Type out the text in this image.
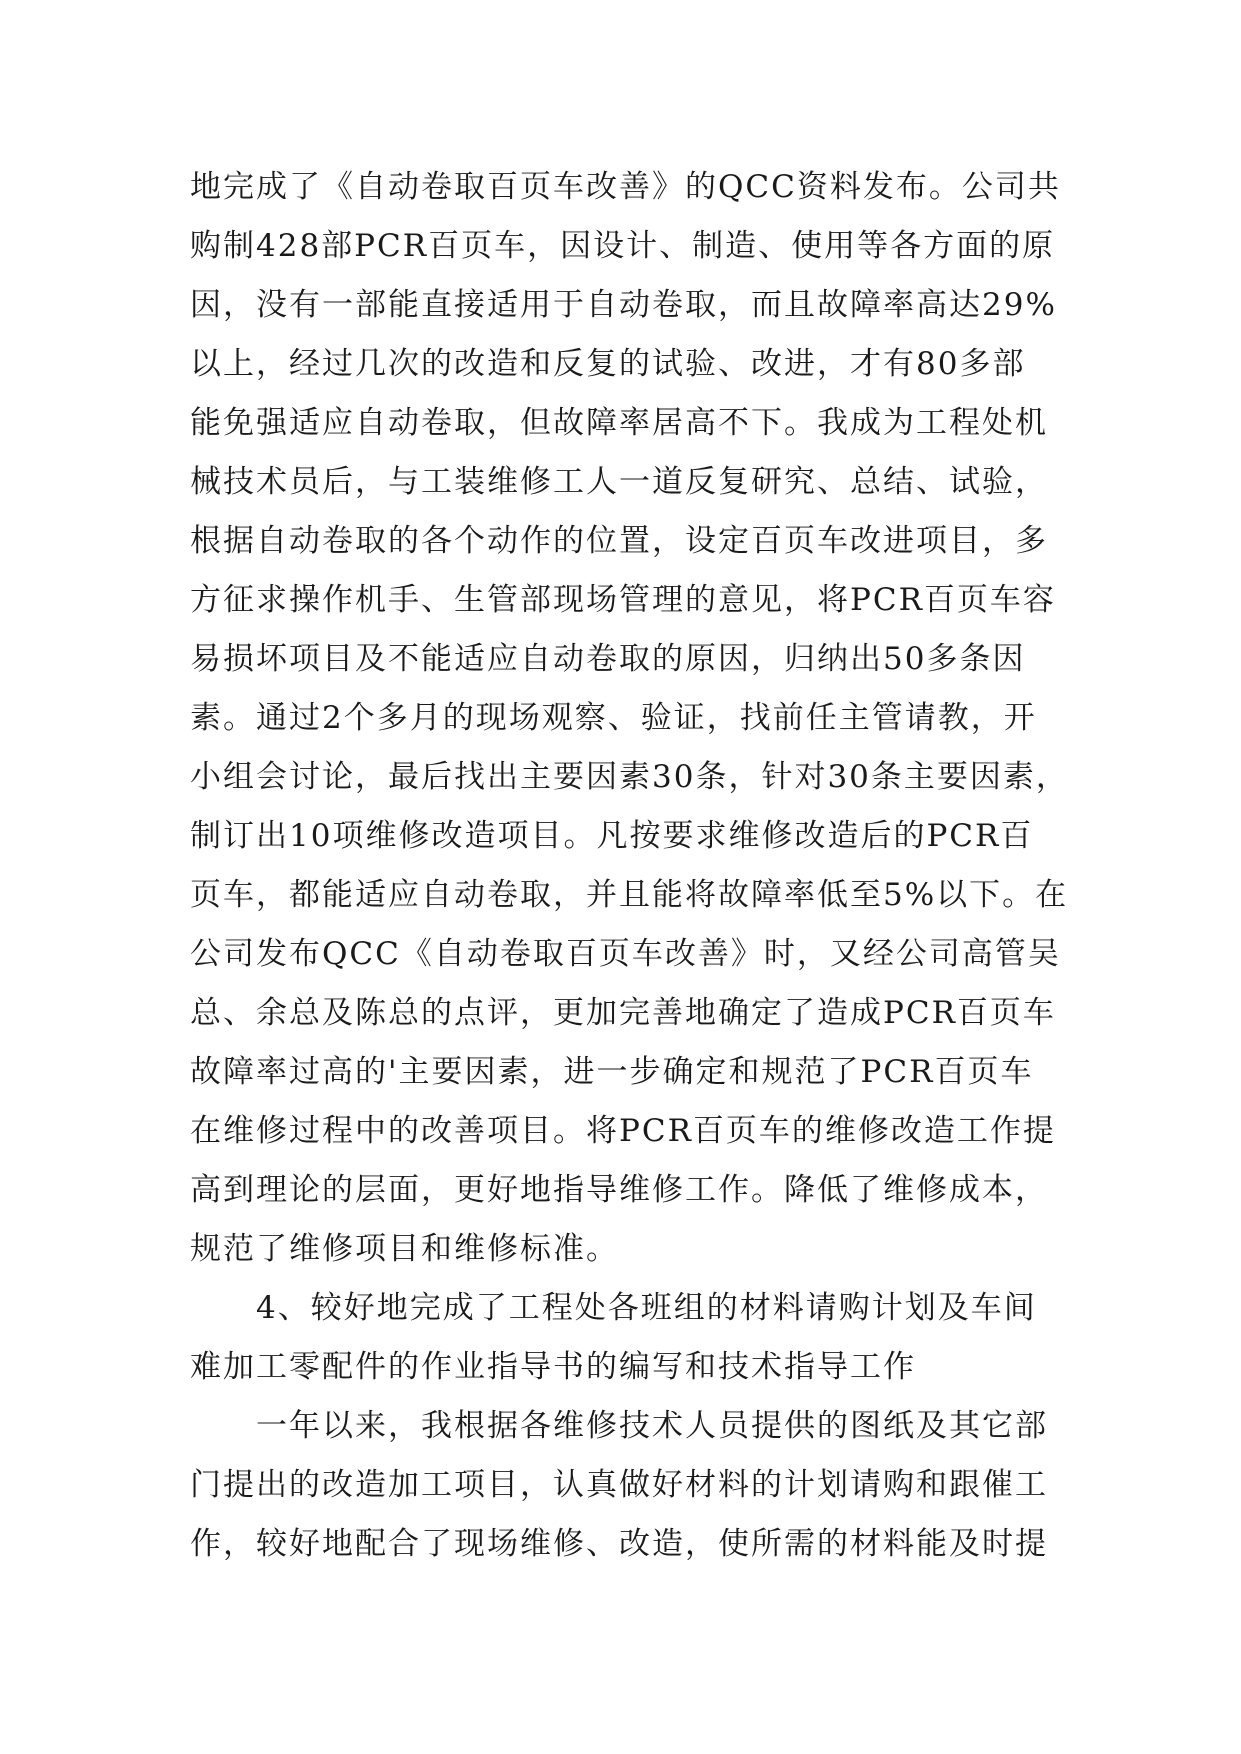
地完成了《自动卷取百页车改善》的QCC资料发布。公司共
购制428部PCR百页车，因设计、制造、使用等各方面的原
因，没有一部能直接适用于自动卷取，而且故障率高达29%
以上，经过几次的改造和反复的试验、改进，才有80多部
能免强适应自动卷取，但故障率居高不下。我成为工程处机
械技术员后，与工装维修工人一道反复研究、总结、试验，
根据自动卷取的各个动作的位置，设定百页车改进项目，多
方征求操作机手、生管部现场管理的意见，将PCR百页车容
易损坏项目及不能适应自动卷取的原因，归纳出50多条因
素。通过2个多月的现场观察、验证，找前任主管请教，开
小组会讨论，最后找出主要因素30条，针对30条主要因素，
制订出10项维修改造项目。凡按要求维修改造后的PCR百
页车，都能适应自动卷取，并且能将故障率低至5%以下。在
公司发布QCC《自动卷取百页车改善》时，又经公司高管吴
总、余总及陈总的点评，更加完善地确定了造成PCR百页车
故障率过高的'主要因素，进一步确定和规范了PCR百页车
在维修过程中的改善项目。将PCR百页车的维修改造工作提
高到理论的层面，更好地指导维修工作。降低了维修成本，
规范了维修项目和维修标准。
　　4、较好地完成了工程处各班组的材料请购计划及车间
难加工零配件的作业指导书的编写和技术指导工作
　　一年以来，我根据各维修技术人员提供的图纸及其它部
门提出的改造加工项目，认真做好材料的计划请购和跟催工
作，较好地配合了现场维修、改造，使所需的材料能及时提
